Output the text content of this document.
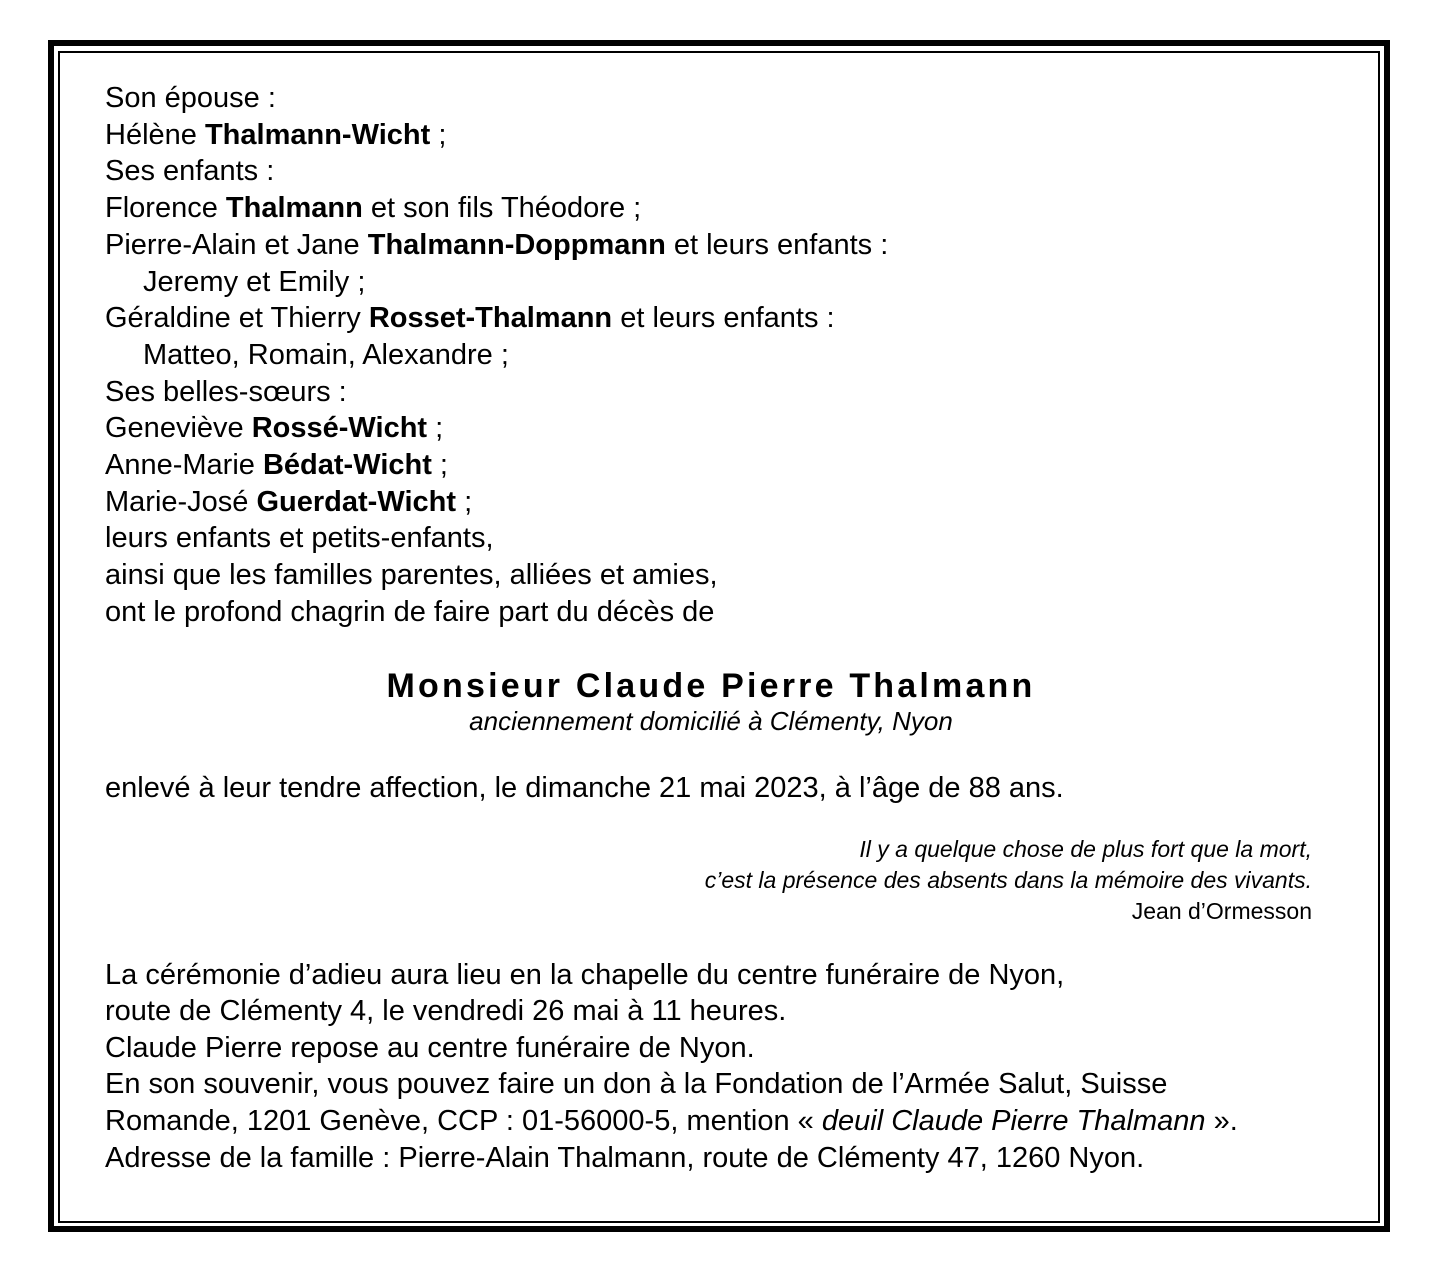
Son épouse :
Hélène Thalmann-Wicht ;
Ses enfants :
Florence Thalmann et son fils Théodore ;
Pierre-Alain et Jane Thalmann-Doppmann et leurs enfants :
Jeremy et Emily ;
Géraldine et Thierry Rosset-Thalmann et leurs enfants :
Matteo, Romain, Alexandre ;
Ses belles-sœurs :
Geneviève Rossé-Wicht ;
Anne-Marie Bédat-Wicht ;
Marie-José Guerdat-Wicht ;
leurs enfants et petits-enfants,
ainsi que les familles parentes, alliées et amies,
ont le profond chagrin de faire part du décès de
Monsieur Claude Pierre Thalmann
anciennement domicilié à Clémenty, Nyon
enlevé à leur tendre affection, le dimanche 21 mai 2023, à l’âge de 88 ans.
Il y a quelque chose de plus fort que la mort,
c’est la présence des absents dans la mémoire des vivants.
Jean d’Ormesson
La cérémonie d’adieu aura lieu en la chapelle du centre funéraire de Nyon,
route de Clémenty 4, le vendredi 26 mai à 11 heures.
Claude Pierre repose au centre funéraire de Nyon.
En son souvenir, vous pouvez faire un don à la Fondation de l’Armée Salut, Suisse
Romande, 1201 Genève, CCP : 01-56000-5, mention « deuil Claude Pierre Thalmann ».
Adresse de la famille : Pierre-Alain Thalmann, route de Clémenty 47, 1260 Nyon.
